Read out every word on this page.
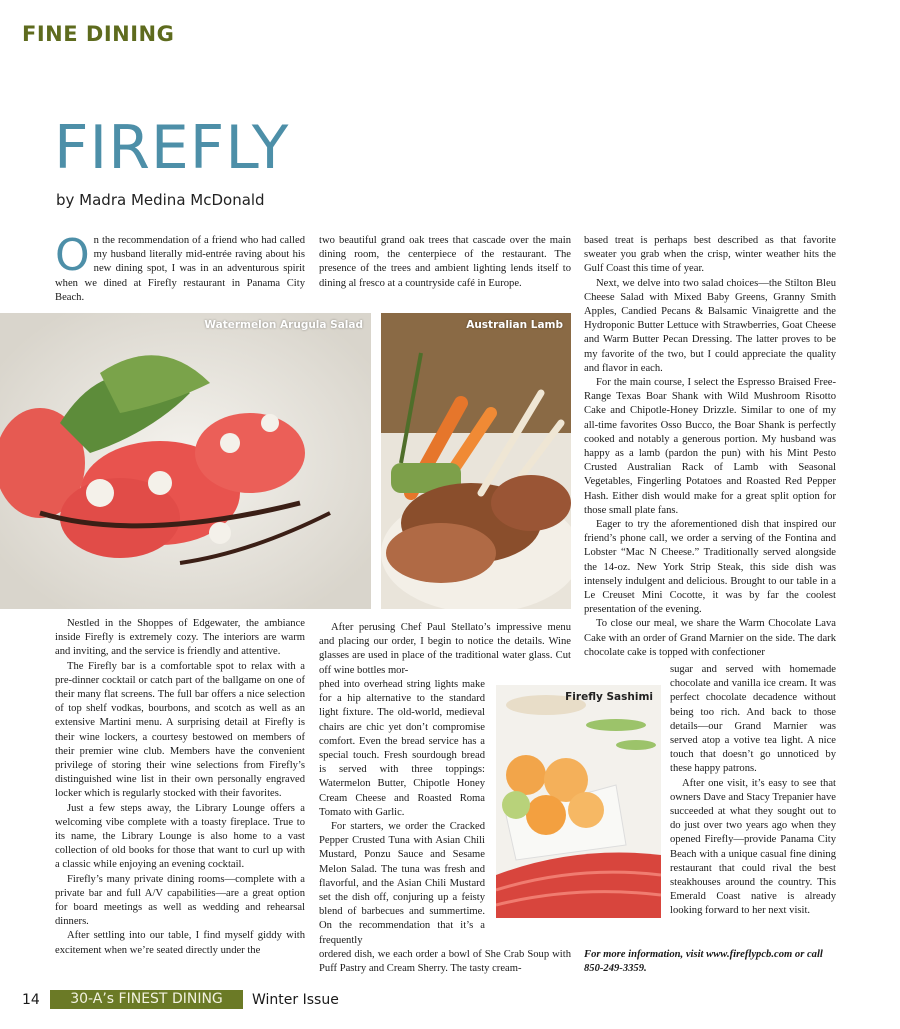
FINE DINING
FIREFLY
by Madra Medina McDonald

On the recommendation of a friend who had called my husband literally mid-entrée raving about his new dining spot, I was in an adventurous spirit when we dined at Firefly restaurant in Panama City Beach.

two beautiful grand oak trees that cascade over the main dining room, the centerpiece of the restaurant. The presence of the trees and ambient lighting lends itself to dining al fresco at a countryside café in Europe.

Watermelon Arugula Salad	Australian Lamb

Nestled in the Shoppes of Edgewater, the ambiance inside Firefly is extremely cozy. The interiors are warm and inviting, and the service is friendly and attentive.

The Firefly bar is a comfortable spot to relax with a pre-dinner cocktail or catch part of the ballgame on one of their many flat screens. The full bar offers a nice selection of top shelf vodkas, bourbons, and scotch as well as an extensive Martini menu. A surprising detail at Firefly is their wine lockers, a courtesy bestowed on members of their premier wine club. Members have the convenient privilege of storing their wine selections from Firefly’s distinguished wine list in their own personally engraved locker which is regularly stocked with their favorites.

Just a few steps away, the Library Lounge offers a welcoming vibe complete with a toasty fireplace. True to its name, the Library Lounge is also home to a vast collection of old books for those that want to curl up with a classic while enjoying an evening cocktail.

Firefly’s many private dining rooms—complete with a private bar and full A/V capabilities—are a great option for board meetings as well as wedding and rehearsal dinners.

After settling into our table, I find myself giddy with excitement when we’re seated directly under the

After perusing Chef Paul Stellato’s impressive menu and placing our order, I begin to notice the details. Wine glasses are used in place of the traditional water glass. Cut off wine bottles mor-

phed into overhead string lights make for a hip alternative to the standard light fixture. The old-world, medieval chairs are chic yet don’t compromise comfort. Even the bread service has a special touch. Fresh sourdough bread is served with three toppings: Watermelon Butter, Chipotle Honey Cream Cheese and Roasted Roma Tomato with Garlic.

For starters, we order the Cracked Pepper Crusted Tuna with Asian Chili Mustard, Ponzu Sauce and Sesame Melon Salad. The tuna was fresh and flavorful, and the Asian Chili Mustard set the dish off, conjuring up a feisty blend of barbecues and summertime. On the recommendation that it’s a frequently

ordered dish, we each order a bowl of She Crab Soup with Puff Pastry and Cream Sherry. The tasty cream-

Firefly Sashimi

based treat is perhaps best described as that favorite sweater you grab when the crisp, winter weather hits the Gulf Coast this time of year.

Next, we delve into two salad choices—the Stilton Bleu Cheese Salad with Mixed Baby Greens, Granny Smith Apples, Candied Pecans & Balsamic Vinaigrette and the Hydroponic Butter Lettuce with Strawberries, Goat Cheese and Warm Butter Pecan Dressing. The latter proves to be my favorite of the two, but I could appreciate the quality and flavor in each.

For the main course, I select the Espresso Braised Free-Range Texas Boar Shank with Wild Mushroom Risotto Cake and Chipotle-Honey Drizzle. Similar to one of my all-time favorites Osso Bucco, the Boar Shank is perfectly cooked and notably a generous portion. My husband was happy as a lamb (pardon the pun) with his Mint Pesto Crusted Australian Rack of Lamb with Seasonal Vegetables, Fingerling Potatoes and Roasted Red Pepper Hash. Either dish would make for a great split option for those small plate fans.

Eager to try the aforementioned dish that inspired our friend’s phone call, we order a serving of the Fontina and Lobster “Mac N Cheese.” Traditionally served alongside the 14-oz. New York Strip Steak, this side dish was intensely indulgent and delicious. Brought to our table in a Le Creuset Mini Cocotte, it was by far the coolest presentation of the evening.

To close our meal, we share the Warm Chocolate Lava Cake with an order of Grand Marnier on the side. The dark chocolate cake is topped with confectioner

sugar and served with homemade chocolate and vanilla ice cream. It was perfect chocolate decadence without being too rich. And back to those details—our Grand Marnier was served atop a votive tea light. A nice touch that doesn’t go unnoticed by these happy patrons.

After one visit, it’s easy to see that owners Dave and Stacy Trepanier have succeeded at what they sought out to do just over two years ago when they opened Firefly—provide Panama City Beach with a unique casual fine dining restaurant that could rival the best steakhouses around the country. This Emerald Coast native is already looking forward to her next visit.

For more information, visit www.fireflypcb.com or call 850-249-3359.
14	30-A’s FINEST DINING	Winter Issue
